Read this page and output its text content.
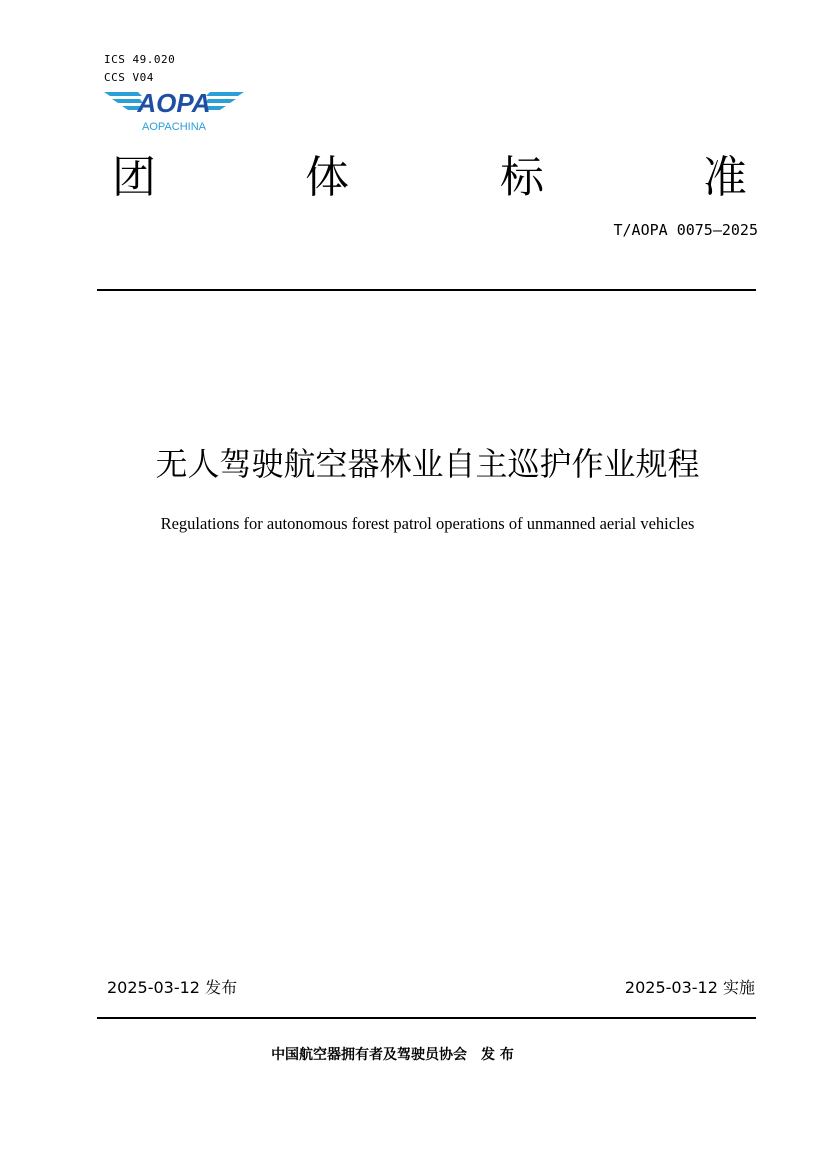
ICS 49.020
CCS V04
AOPA
AOPACHINA
团	体	标	准
T/AOPA 0075—2025
无人驾驶航空器林业自主巡护作业规程
Regulations for autonomous forest patrol operations of unmanned aerial vehicles
2025-03-12 发布	2025-03-12 实施
中国航空器拥有者及驾驶员协会　发 布
